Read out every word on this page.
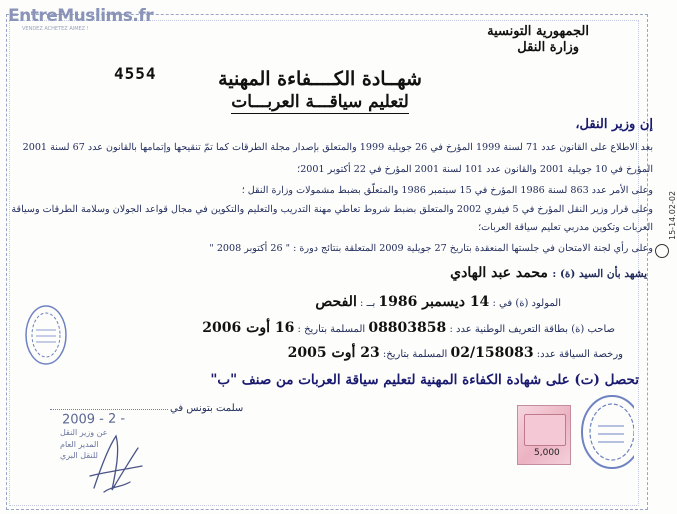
EntreMuslims.fr
VENDEZ ACHETEZ AIMEZ !	الجمهورية التونسية
وزارة النقل
4554	شهــادة الكــــفاءة المهنية
لتعليم سياقـــة العربـــات
إن وزير النقل،
بعد الاطلاع على القانون عدد 71 لسنة 1999 المؤرخ في 26 جويلية 1999 والمتعلق بإصدار مجلة الطرقات كما تمّ تنقيحها وإتمامها بالقانون عدد 67 لسنة 2001
المؤرخ في 10 جويلية 2001 والقانون عدد 101 لسنة 2001 المؤرخ في 22 أكتوبر 2001؛
وعلى الأمر عدد 863 لسنة 1986 المؤرخ في 15 سبتمبر 1986 والمتعلّق بضبط مشمولات وزارة النقل ؛
وعلى قرار وزير النقل المؤرخ في 5 فيفري 2002 والمتعلق بضبط شروط تعاطي مهنة التدريب والتعليم والتكوين في مجال قواعد الجولان وسلامة الطرقات وسياقة
العربات وتكوين مدربي تعليم سياقة العربات؛
وعلى رأي لجنة الامتحان في جلستها المنعقدة بتاريخ 27 جويلية 2009 المتعلقة بنتائج دورة : " 26 أكتوبر 2008 "
يشهد بأن السيد (ة) : محمد عبد الهادي
المولود (ة) في : 14 ديسمبر 1986 بــ : الفحص
صاحب (ة) بطاقة التعريف الوطنية عدد : 08803858 المسلمة بتاريخ : 16 أوت 2006
ورخصة السياقة عدد: 02/158083 المسلمة بتاريخ: 23 أوت 2005
تحصل (ت) على شهادة الكفاءة المهنية لتعليم سياقة العربات من صنف "ب"
سلمت بتونس في
2009 - 2 -
عن وزير النقل
المدير العام
للنقل البري	5,000
15-14.02-02
